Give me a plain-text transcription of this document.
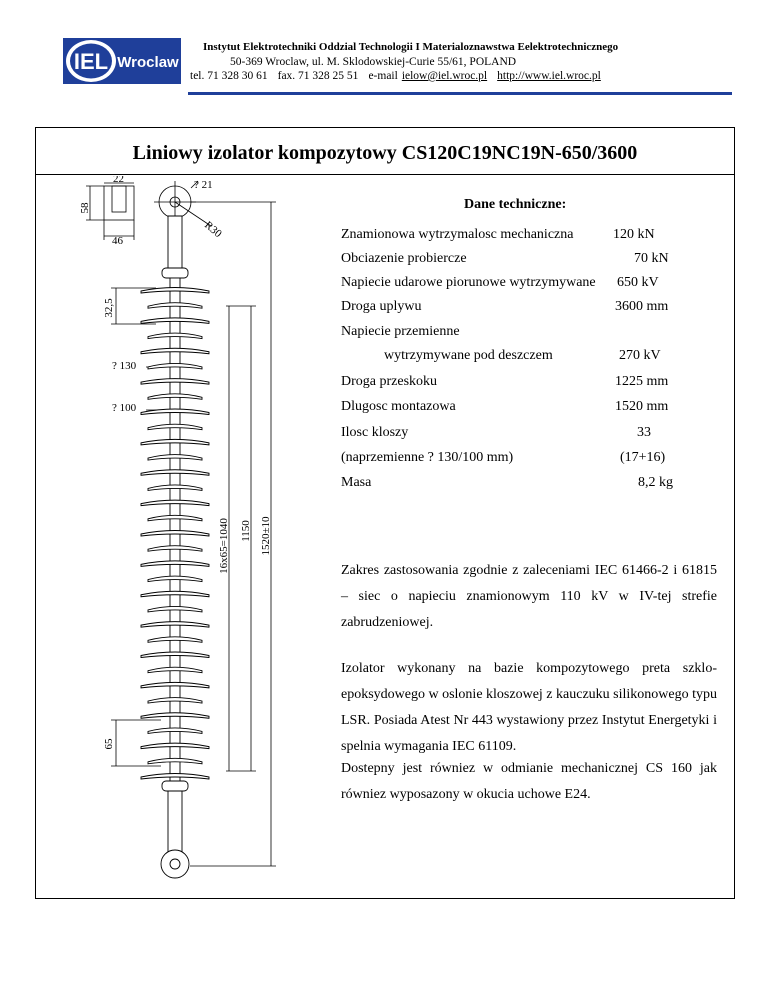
IEL Wroclaw
Instytut Elektrotechniki Oddzial Technologii I Materialoznawstwa Eelektrotechnicznego
50-369 Wroclaw, ul. M. Sklodowskiej-Curie 55/61, POLAND
tel. 71 328 30 61 fax. 71 328 25 51 e-mail ielow@iel.wroc.pl http://www.iel.wroc.pl
Liniowy izolator kompozytowy CS120C19NC19N-650/3600
22	? 21
58
46
R30
32,5
? 130
? 100
16x65=1040 1150 1520±10
65
Dane techniczne:
Znamionowa wytrzymalosc mechaniczna	120 kN
Obciazenie probiercze	70 kN
Napiecie udarowe piorunowe wytrzymywane 650 kV
Droga uplywu	3600 mm
Napiecie przemienne
wytrzymywane pod deszczem	270 kV
Droga przeskoku	1225 mm
Dlugosc montazowa	1520 mm
Ilosc kloszy	33
(naprzemienne ? 130/100 mm)	(17+16)
Masa	8,2 kg
Zakres zastosowania zgodnie z zaleceniami IEC 61466-2 i 61815 – siec o napieciu znamionowym 110 kV w IV-tej strefie zabrudzeniowej.
Izolator wykonany na bazie kompozytowego preta szklo-epoksydowego w oslonie kloszowej z kauczuku silikonowego typu LSR. Posiada Atest Nr 443 wystawiony przez Instytut Energetyki i spelnia wymagania IEC 61109.
Dostepny jest równiez w odmianie mechanicznej CS 160 jak równiez wyposazony w okucia uchowe E24.
